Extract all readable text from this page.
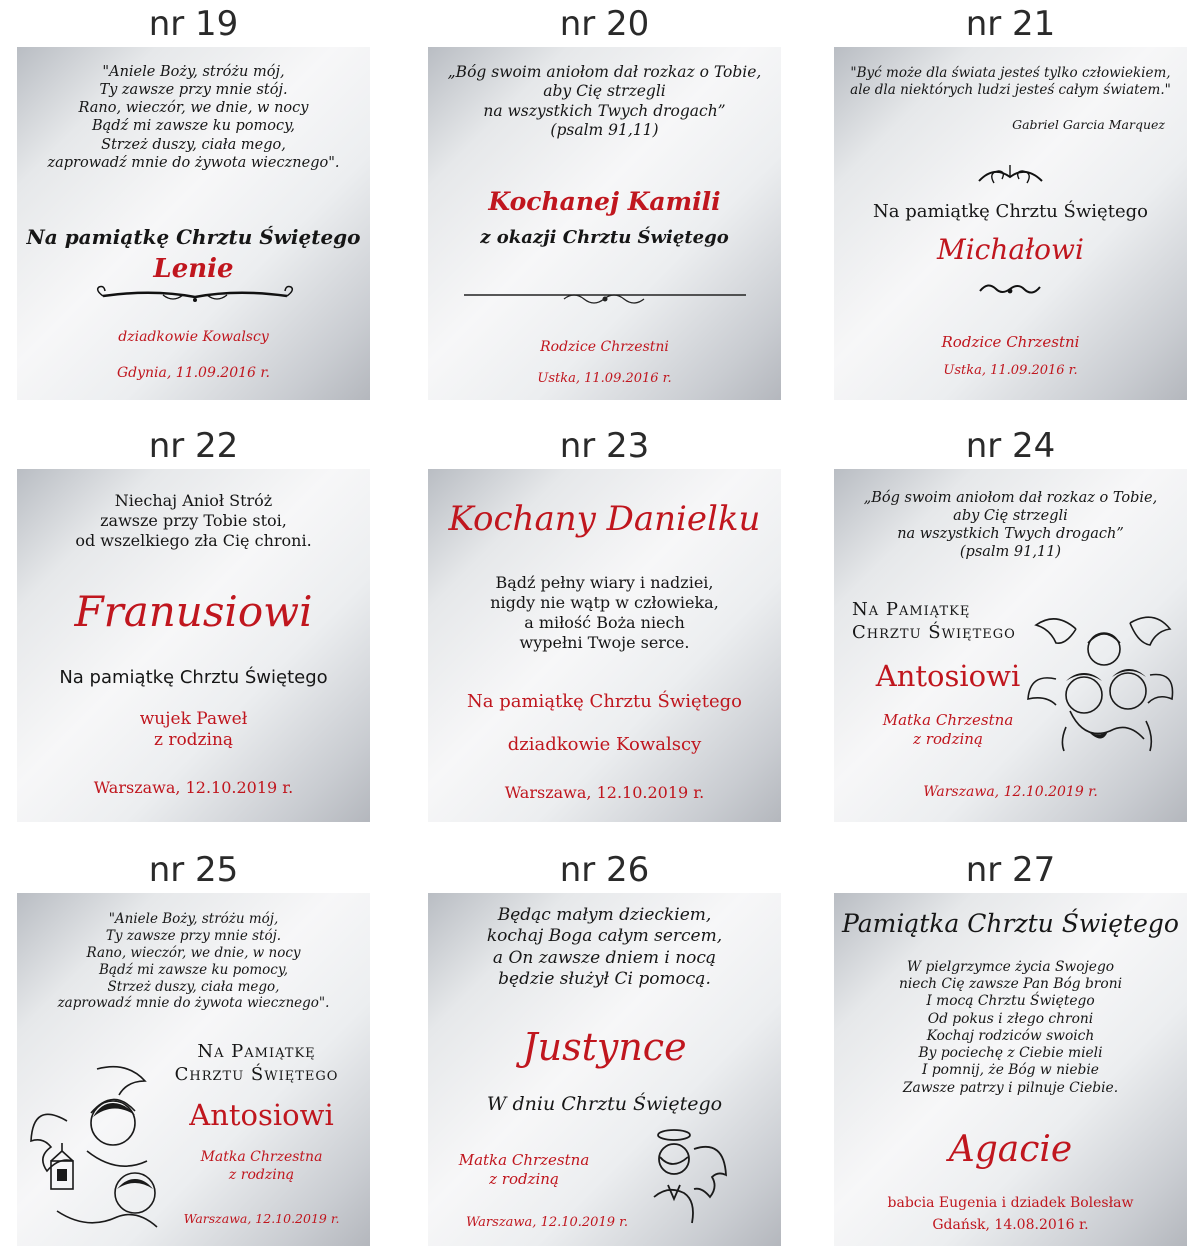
nr 19	nr 20	nr 21
nr 22	nr 23	nr 24
nr 25	nr 26	nr 27
"Aniele Boży, stróżu mój,
Ty zawsze przy mnie stój.
Rano, wieczór, we dnie, w nocy
Bądź mi zawsze ku pomocy,
Strzeż duszy, ciała mego,
zaprowadź mnie do żywota wiecznego".
Na pamiątkę Chrztu Świętego
Lenie
dziadkowie Kowalscy
Gdynia, 11.09.2016 r.
„Bóg swoim aniołom dał rozkaz o Tobie,
aby Cię strzegli
na wszystkich Twych drogach”
(psalm 91,11)
Kochanej Kamili
z okazji Chrztu Świętego
Rodzice Chrzestni
Ustka, 11.09.2016 r.
"Być może dla świata jesteś tylko człowiekiem,
ale dla niektórych ludzi jesteś całym światem."
Gabriel Garcia Marquez
Na pamiątkę Chrztu Świętego
Michałowi
Rodzice Chrzestni
Ustka, 11.09.2016 r.
Niechaj Anioł Stróż
zawsze przy Tobie stoi,
od wszelkiego zła Cię chroni.
Franusiowi
Na pamiątkę Chrztu Świętego
wujek Paweł
z rodziną
Warszawa, 12.10.2019 r.
Kochany Danielku
Bądź pełny wiary i nadziei,
nigdy nie wątp w człowieka,
a miłość Boża niech
wypełni Twoje serce.
Na pamiątkę Chrztu Świętego
dziadkowie Kowalscy
Warszawa, 12.10.2019 r.
„Bóg swoim aniołom dał rozkaz o Tobie,
aby Cię strzegli
na wszystkich Twych drogach”
(psalm 91,11)
Na Pamiątkę
Chrztu Świętego
Antosiowi
Matka Chrzestna
z rodziną
Warszawa, 12.10.2019 r.
"Aniele Boży, stróżu mój,
Ty zawsze przy mnie stój.
Rano, wieczór, we dnie, w nocy
Bądź mi zawsze ku pomocy,
Strzeż duszy, ciała mego,
zaprowadź mnie do żywota wiecznego".
Na Pamiątkę
Chrztu Świętego
Antosiowi
Matka Chrzestna
z rodziną
Warszawa, 12.10.2019 r.
Będąc małym dzieckiem,
kochaj Boga całym sercem,
a On zawsze dniem i nocą
będzie służył Ci pomocą.
Justynce
W dniu Chrztu Świętego
Matka Chrzestna
z rodziną
Warszawa, 12.10.2019 r.
Pamiątka Chrztu Świętego
W pielgrzymce życia Swojego
niech Cię zawsze Pan Bóg broni
I mocą Chrztu Świętego
Od pokus i złego chroni
Kochaj rodziców swoich
By pociechę z Ciebie mieli
I pomnij, że Bóg w niebie
Zawsze patrzy i pilnuje Ciebie.
Agacie
babcia Eugenia i dziadek Bolesław
Gdańsk, 14.08.2016 r.
